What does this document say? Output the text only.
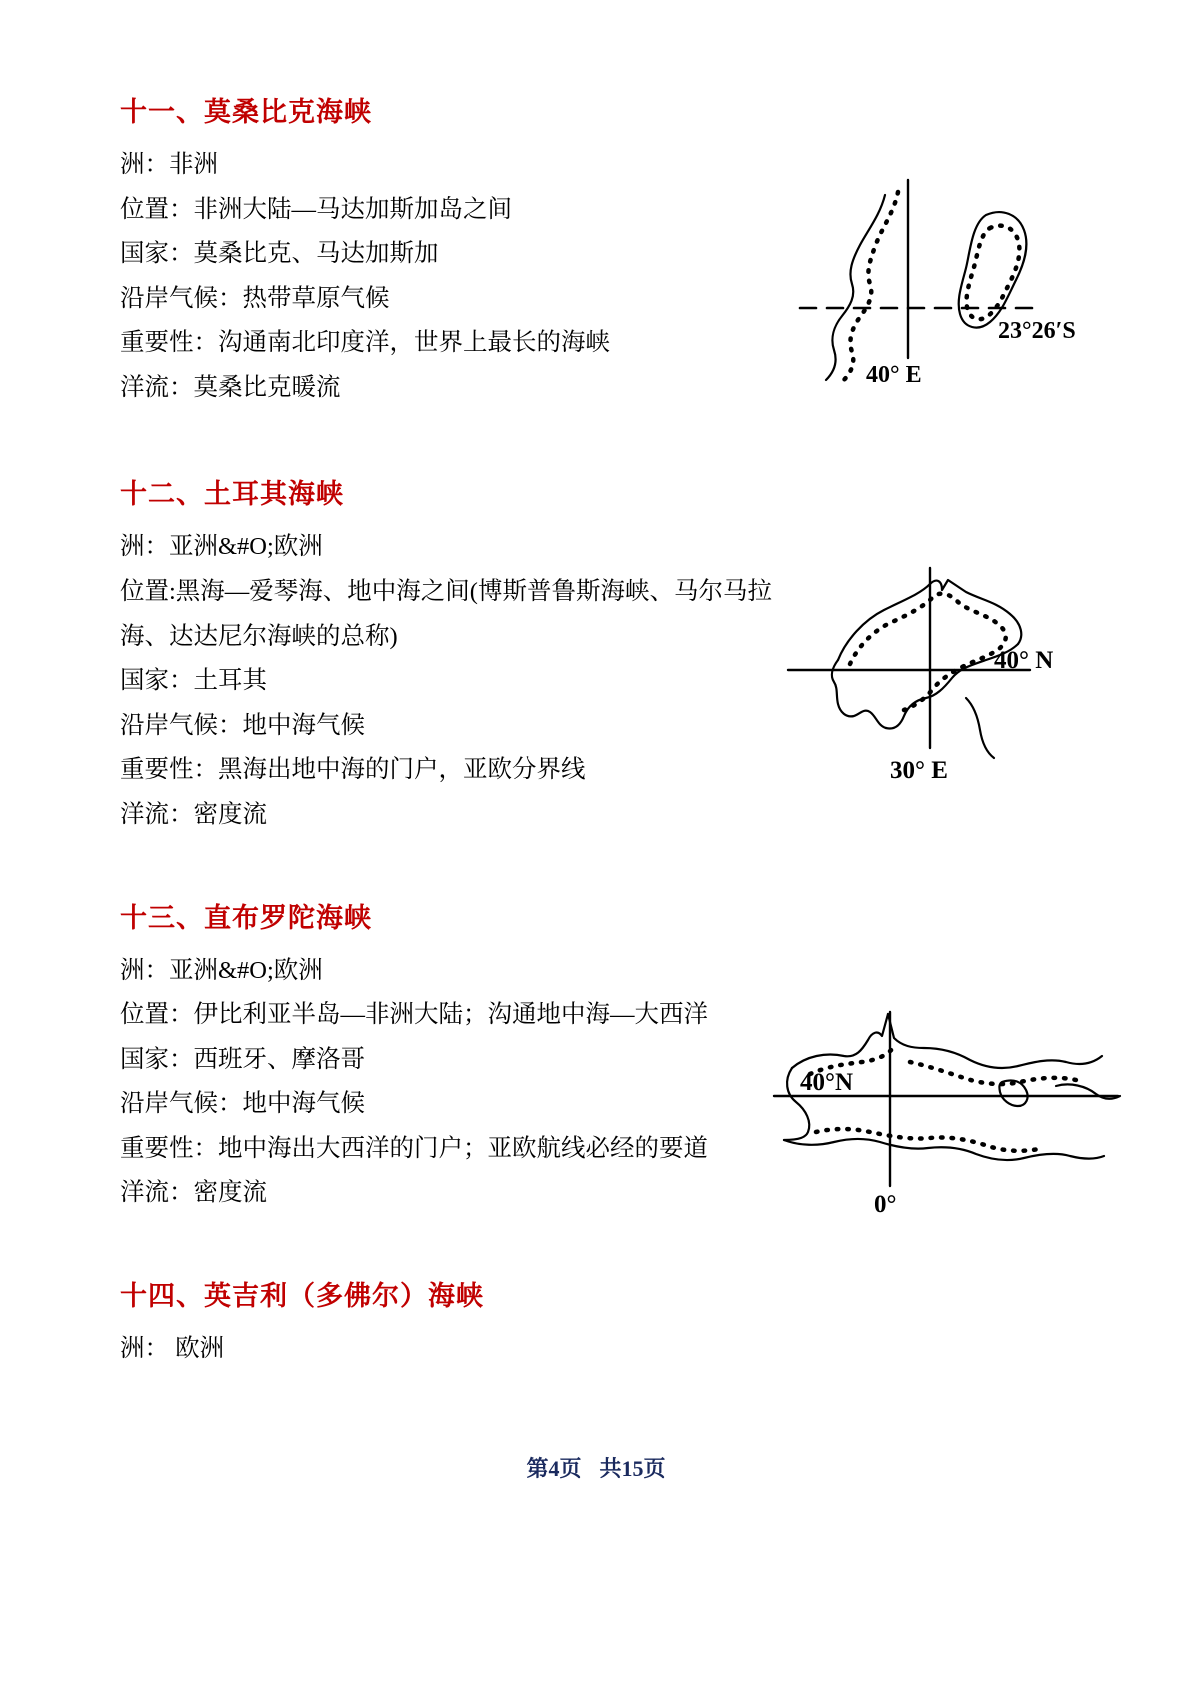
十一、莫桑比克海峡

洲：非洲

位置：非洲大陆—马达加斯加岛之间

国家：莫桑比克、马达加斯加

沿岸气候：热带草原气候

重要性：沟通南北印度洋，世界上最长的海峡

洋流：莫桑比克暖流

23°26′S
40° E
十二、土耳其海峡

洲：亚洲&#O;欧洲

位置:黑海—爱琴海、地中海之间(博斯普鲁斯海峡、马尔马拉海、达达尼尔海峡的总称)

国家：土耳其

沿岸气候：地中海气候

重要性：黑海出地中海的门户，亚欧分界线

洋流：密度流

40° N
30° E
十三、直布罗陀海峡

洲：亚洲&#O;欧洲

位置：伊比利亚半岛—非洲大陆；沟通地中海—大西洋

国家：西班牙、摩洛哥

沿岸气候：地中海气候

重要性：地中海出大西洋的门户；亚欧航线必经的要道

洋流：密度流

40°N
0°
十四、英吉利（多佛尔）海峡

洲： 欧洲

第4页 共15页
